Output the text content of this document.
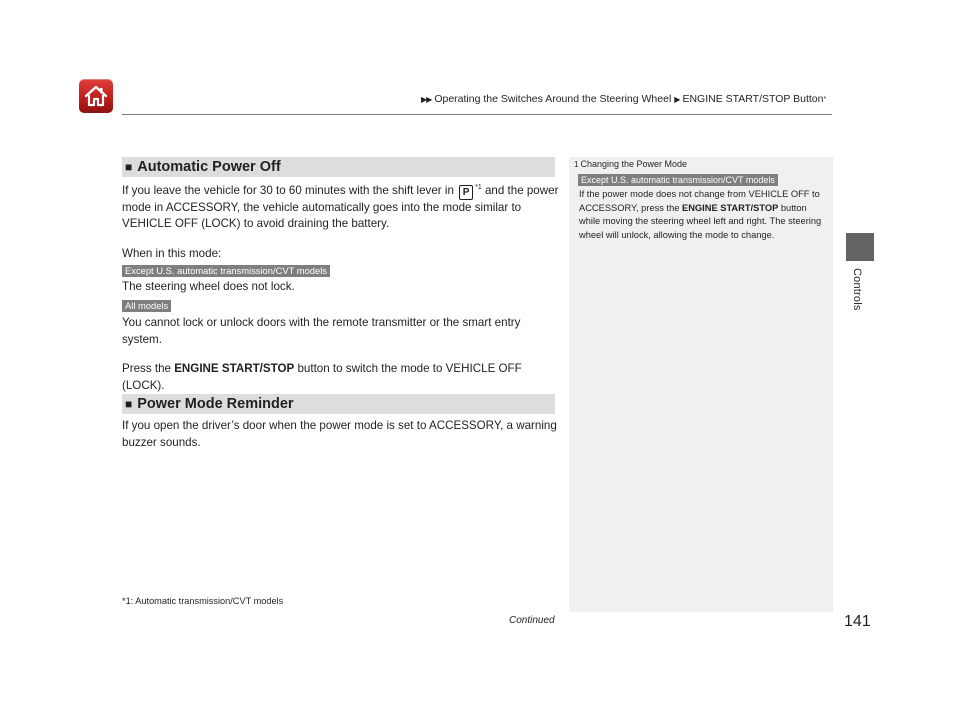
▶▶ Operating the Switches Around the Steering Wheel ▶ ENGINE START/STOP Button *
Controls
■ Automatic Power Off
If you leave the vehicle for 30 to 60 minutes with the shift lever in P $^{*1}$ and the power mode in ACCESSORY, the vehicle automatically goes into the mode similar to VEHICLE OFF (LOCK) to avoid draining the battery.
When in this mode:
Except U.S. automatic transmission/CVT models
The steering wheel does not lock.
All models
You cannot lock or unlock doors with the remote transmitter or the smart entry system.
Press the ENGINE START/STOP button to switch the mode to VEHICLE OFF (LOCK).
■ Power Mode Reminder
If you open the driver’s door when the power mode is set to ACCESSORY, a warning buzzer sounds.
*1: Automatic transmission/CVT models
Continued
1 Changing the Power Mode
Except U.S. automatic transmission/CVT models
If the power mode does not change from VEHICLE OFF to ACCESSORY, press the ENGINE START/STOP button while moving the steering wheel left and right. The steering wheel will unlock, allowing the mode to change.
141
